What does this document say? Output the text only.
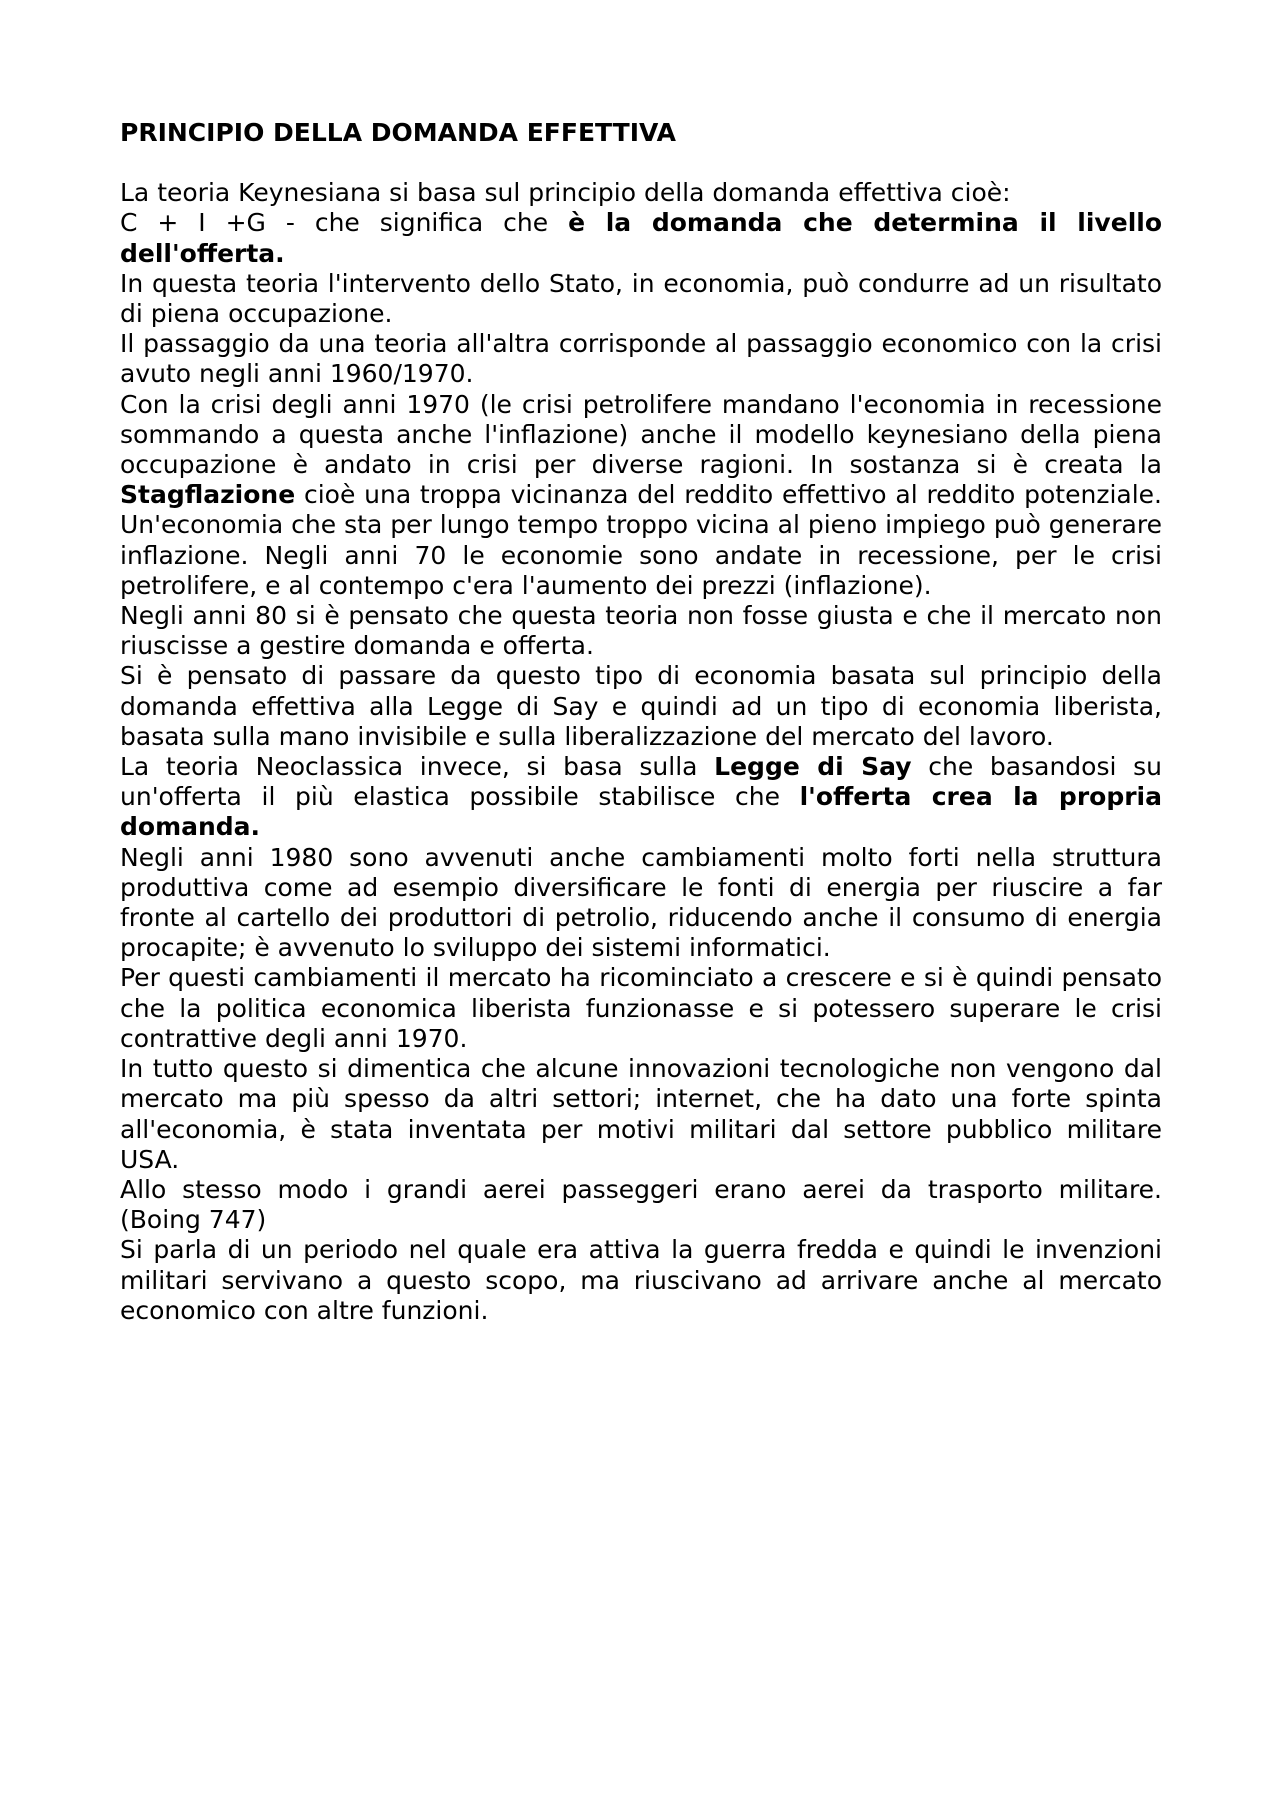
PRINCIPIO DELLA DOMANDA EFFETTIVA

La teoria Keynesiana si basa sul principio della domanda effettiva cioè:

C + I +G - che significa che è la domanda che determina il livello dell'offerta.

In questa teoria l'intervento dello Stato, in economia, può condurre ad un risultato di piena occupazione.

Il passaggio da una teoria all'altra corrisponde al passaggio economico con la crisi avuto negli anni 1960/1970.

Con la crisi degli anni 1970 (le crisi petrolifere mandano l'economia in recessione sommando a questa anche l'inflazione) anche il modello keynesiano della piena occupazione è andato in crisi per diverse ragioni. In sostanza si è creata la Stagflazione cioè una troppa vicinanza del reddito effettivo al reddito potenziale. Un'economia che sta per lungo tempo troppo vicina al pieno impiego può generare inflazione. Negli anni 70 le economie sono andate in recessione, per le crisi petrolifere, e al contempo c'era l'aumento dei prezzi (inflazione).

Negli anni 80 si è pensato che questa teoria non fosse giusta e che il mercato non riuscisse a gestire domanda e offerta.

Si è pensato di passare da questo tipo di economia basata sul principio della domanda effettiva alla Legge di Say e quindi ad un tipo di economia liberista, basata sulla mano invisibile e sulla liberalizzazione del mercato del lavoro.

La teoria Neoclassica invece, si basa sulla Legge di Say che basandosi su un'offerta il più elastica possibile stabilisce che l'offerta crea la propria domanda.

Negli anni 1980 sono avvenuti anche cambiamenti molto forti nella struttura produttiva come ad esempio diversificare le fonti di energia per riuscire a far fronte al cartello dei produttori di petrolio, riducendo anche il consumo di energia procapite; è avvenuto lo sviluppo dei sistemi informatici.

Per questi cambiamenti il mercato ha ricominciato a crescere e si è quindi pensato che la politica economica liberista funzionasse e si potessero superare le crisi contrattive degli anni 1970.

In tutto questo si dimentica che alcune innovazioni tecnologiche non vengono dal mercato ma più spesso da altri settori; internet, che ha dato una forte spinta all'economia, è stata inventata per motivi militari dal settore pubblico militare USA.

Allo stesso modo i grandi aerei passeggeri erano aerei da trasporto militare. (Boing 747)

Si parla di un periodo nel quale era attiva la guerra fredda e quindi le invenzioni militari servivano a questo scopo, ma riuscivano ad arrivare anche al mercato economico con altre funzioni.
